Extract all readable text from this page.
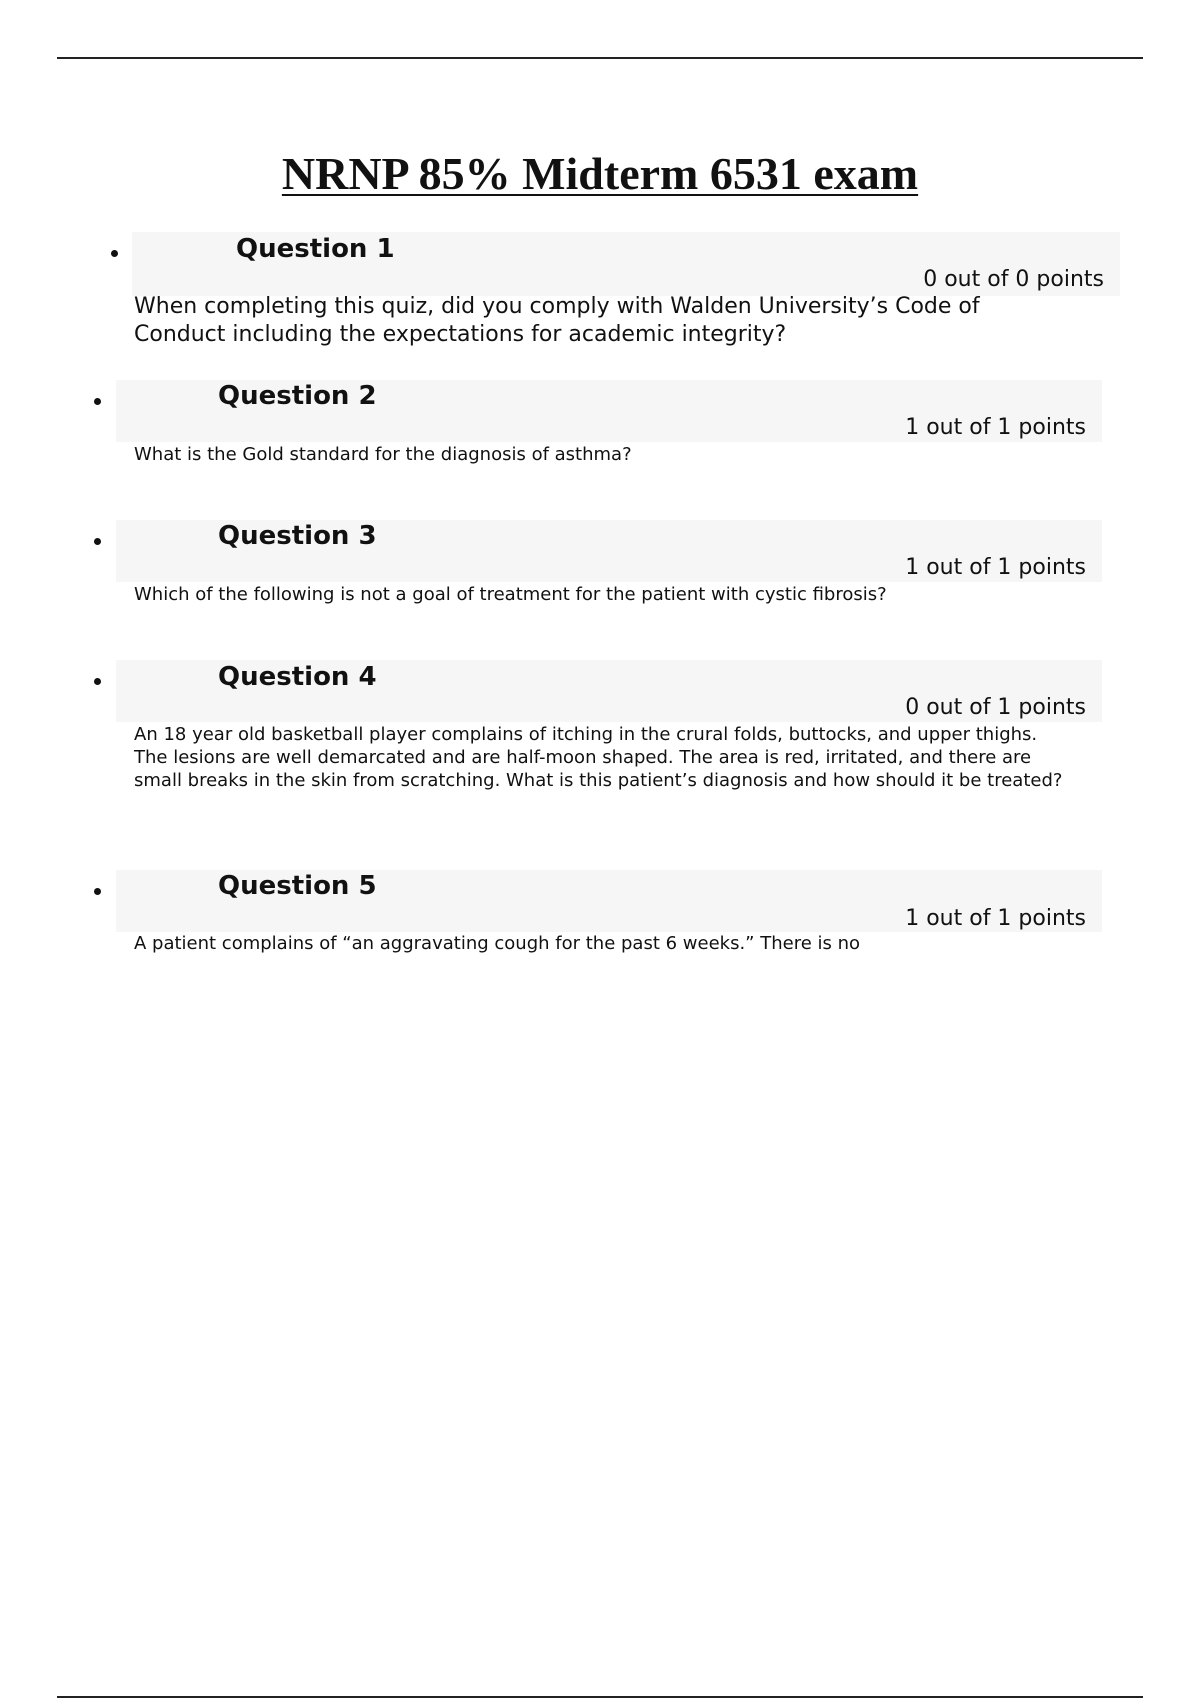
NRNP 85% Midterm 6531 exam
Question 1
0 out of 0 points
When completing this quiz, did you comply with Walden University’s Code of Conduct including the expectations for academic integrity?
Question 2
1 out of 1 points
What is the Gold standard for the diagnosis of asthma?
Question 3
1 out of 1 points
Which of the following is not a goal of treatment for the patient with cystic fibrosis?
Question 4
0 out of 1 points
An 18 year old basketball player complains of itching in the crural folds, buttocks, and upper thighs. The lesions are well demarcated and are half-moon shaped. The area is red, irritated, and there are small breaks in the skin from scratching. What is this patient’s diagnosis and how should it be treated?
Question 5
1 out of 1 points
A patient complains of “an aggravating cough for the past 6 weeks.” There is no
